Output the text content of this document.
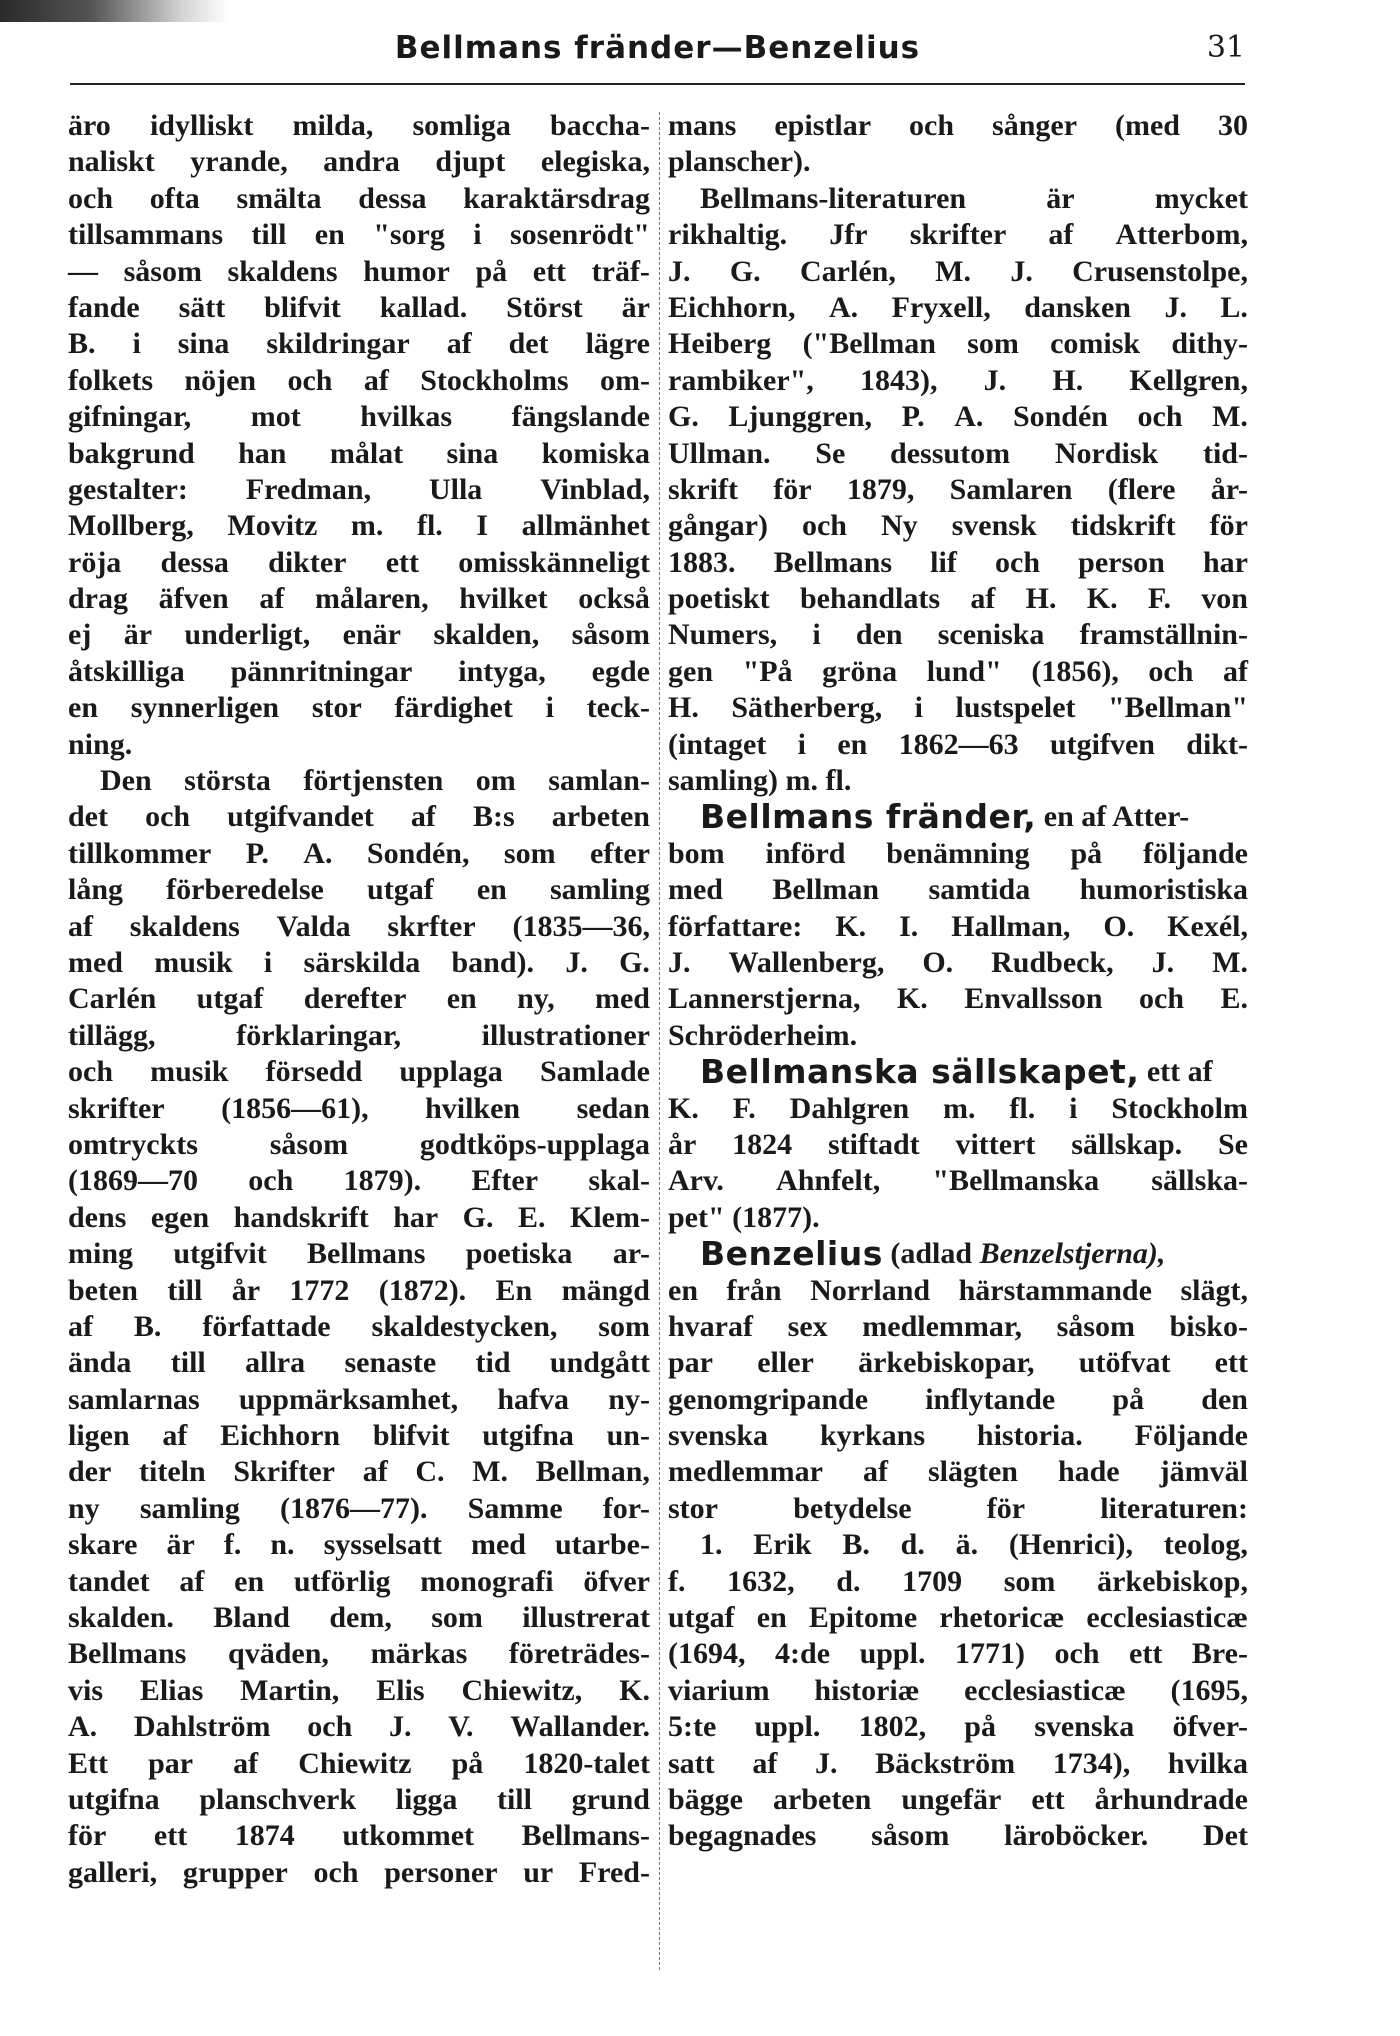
Bellmans fränder—Benzelius	31
äro idylliskt milda, somliga baccha-
naliskt yrande, andra djupt elegiska,
och ofta smälta dessa karaktärsdrag
tillsammans till en "sorg i sosenrödt"
— såsom skaldens humor på ett träf-
fande sätt blifvit kallad. Störst är
B. i sina skildringar af det lägre
folkets nöjen och af Stockholms om-
gifningar, mot hvilkas fängslande
bakgrund han målat sina komiska
gestalter: Fredman, Ulla Vinblad,
Mollberg, Movitz m. fl. I allmänhet
röja dessa dikter ett omisskänneligt
drag äfven af målaren, hvilket också
ej är underligt, enär skalden, såsom
åtskilliga pännritningar intyga, egde
en synnerligen stor färdighet i teck-
ning.
Den största förtjensten om samlan-
det och utgifvandet af B:s arbeten
tillkommer P. A. Sondén, som efter
lång förberedelse utgaf en samling
af skaldens Valda skrfter (1835—36,
med musik i särskilda band). J. G.
Carlén utgaf derefter en ny, med
tillägg,	förklaringar,	illustrationer
och musik försedd upplaga Samlade
skrifter (1856—61), hvilken sedan
omtryckts såsom godtköps-upplaga
(1869—70 och 1879). Efter skal-
dens egen handskrift har G. E. Klem-
ming utgifvit Bellmans poetiska ar-
beten till år 1772 (1872). En mängd
af B. författade skaldestycken, som
ända till allra senaste tid undgått
samlarnas uppmärksamhet, hafva ny-
ligen af Eichhorn blifvit utgifna un-
der titeln Skrifter af C. M. Bellman,
ny samling (1876—77). Samme for-
skare är f. n. sysselsatt med utarbe-
tandet af en utförlig monografi öfver
skalden. Bland dem, som illustrerat
Bellmans qväden, märkas företrädes-
vis Elias Martin, Elis Chiewitz, K.
A. Dahlström och J. V. Wallander.
Ett par af Chiewitz på 1820-talet
utgifna planschverk ligga till grund
för ett 1874 utkommet Bellmans-
galleri, grupper och personer ur Fred-
mans epistlar och sånger (med 30
planscher).
Bellmans-literaturen	är	mycket
rikhaltig. Jfr skrifter af Atterbom,
J. G. Carlén, M. J. Crusenstolpe,
Eichhorn, A. Fryxell, dansken J. L.
Heiberg ("Bellman som comisk dithy-
rambiker", 1843), J. H. Kellgren,
G. Ljunggren, P. A. Sondén och M.
Ullman. Se dessutom Nordisk tid-
skrift för 1879, Samlaren (flere år-
gångar) och Ny svensk tidskrift för
1883. Bellmans lif och person har
poetiskt behandlats af H. K. F. von
Numers, i den sceniska framställnin-
gen "På gröna lund" (1856), och af
H. Sätherberg, i lustspelet "Bellman"
(intaget i en 1862—63 utgifven dikt-
samling) m. fl.
Bellmans fränder, en af Atter-
bom införd benämning på följande
med Bellman samtida humoristiska
författare: K. I. Hallman, O. Kexél,
J. Wallenberg, O. Rudbeck, J. M.
Lannerstjerna, K. Envallsson och E.
Schröderheim.
Bellmanska sällskapet, ett af
K. F. Dahlgren m. fl. i Stockholm
år 1824 stiftadt vittert sällskap. Se
Arv. Ahnfelt, "Bellmanska sällska-
pet" (1877).
Benzelius (adlad Benzelstjerna),
en från Norrland härstammande slägt,
hvaraf sex medlemmar, såsom bisko-
par eller ärkebiskopar, utöfvat ett
genomgripande inflytande på den
svenska kyrkans historia. Följande
medlemmar af slägten hade jämväl
stor	betydelse	för	literaturen:
1. Erik B. d. ä. (Henrici), teolog,
f. 1632, d. 1709 som ärkebiskop,
utgaf en Epitome rhetoricæ ecclesiasticæ
(1694, 4:de uppl. 1771) och ett Bre-
viarium historiæ ecclesiasticæ (1695,
5:te uppl. 1802, på svenska öfver-
satt af J. Bäckström 1734), hvilka
bägge arbeten ungefär ett århundrade
begagnades såsom läroböcker. Det
